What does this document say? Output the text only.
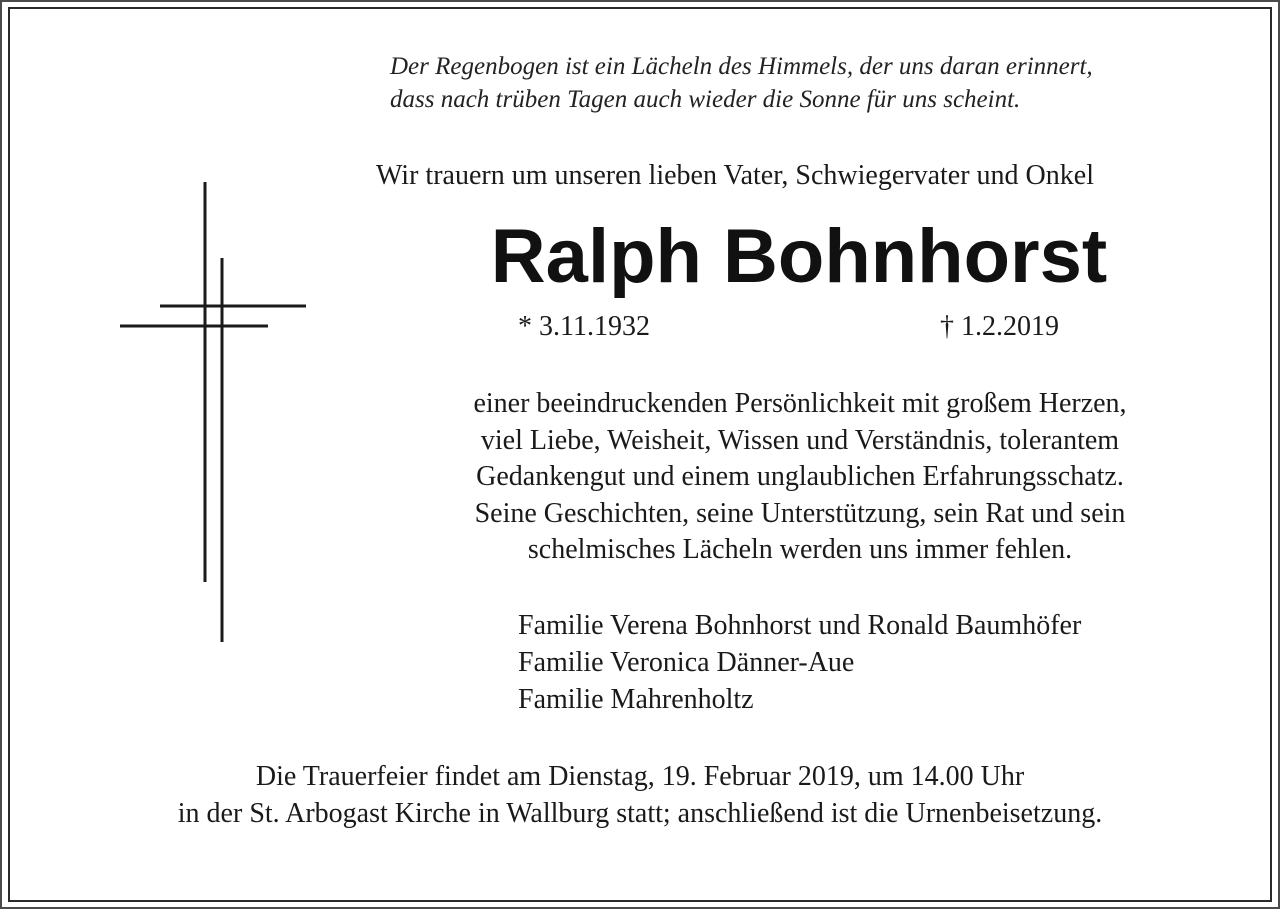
Der Regenbogen ist ein Lächeln des Himmels, der uns daran erinnert,
dass nach trüben Tagen auch wieder die Sonne für uns scheint.
Wir trauern um unseren lieben Vater, Schwiegervater und Onkel
Ralph Bohnhorst
* 3.11.1932	† 1.2.2019
einer beeindruckenden Persönlichkeit mit großem Herzen,
viel Liebe, Weisheit, Wissen und Verständnis, tolerantem
Gedankengut und einem unglaublichen Erfahrungsschatz.
Seine Geschichten, seine Unterstützung, sein Rat und sein
schelmisches Lächeln werden uns immer fehlen.
Familie Verena Bohnhorst und Ronald Baumhöfer
Familie Veronica Dänner-Aue
Familie Mahrenholtz
Die Trauerfeier findet am Dienstag, 19. Februar 2019, um 14.00 Uhr
in der St. Arbogast Kirche in Wallburg statt; anschließend ist die Urnenbeisetzung.
